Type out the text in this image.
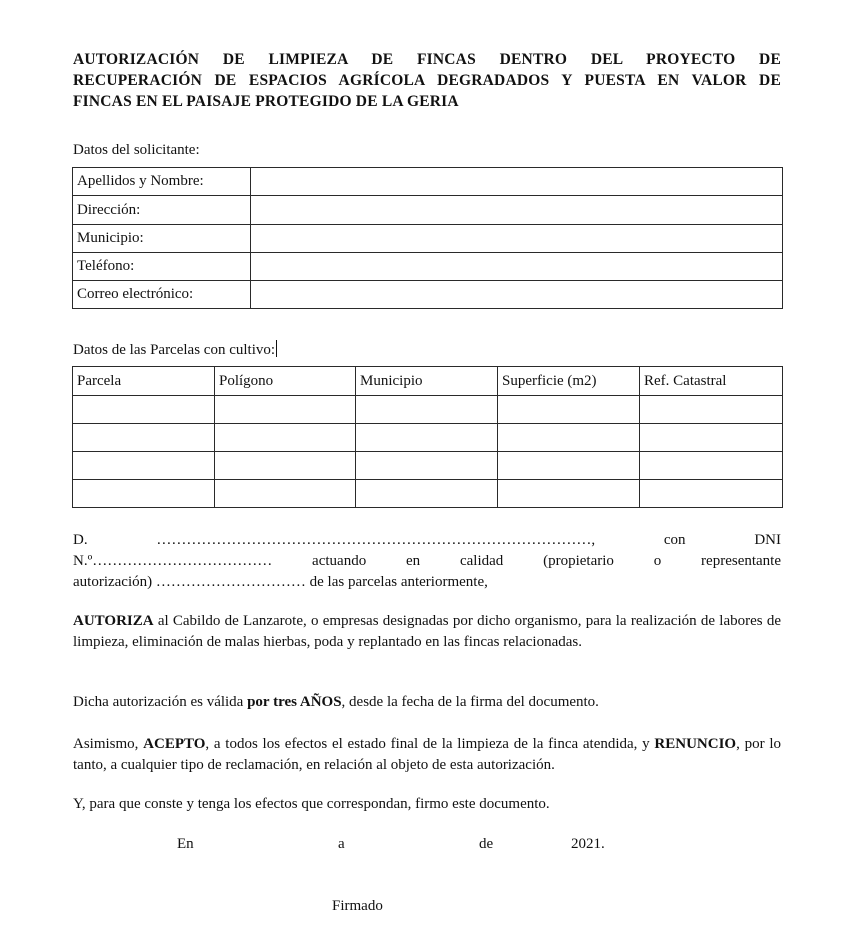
AUTORIZACIÓN DE LIMPIEZA DE FINCAS DENTRO DEL PROYECTO DE
RECUPERACIÓN DE ESPACIOS AGRÍCOLA DEGRADADOS Y PUESTA EN VALOR DE
FINCAS EN EL PAISAJE PROTEGIDO DE LA GERIA
Datos del solicitante:
Apellidos y Nombre:	
Dirección:	
Municipio:	
Teléfono:	
Correo electrónico:	
Datos de las Parcelas con cultivo:
Parcela	Polígono	Municipio	Superficie (m2)	Ref. Catastral

D.	……………………………………………………………………………,	con	DNI
N.º………………………………	actuando	en	calidad	(propietario	o	representante
autorización) ………………………… de las parcelas anteriormente,
AUTORIZA al Cabildo de Lanzarote, o empresas designadas por dicho organismo, para la realización de labores de limpieza, eliminación de malas hierbas, poda y replantado en las fincas relacionadas.
Dicha autorización es válida por tres AÑOS, desde la fecha de la firma del documento.
Asimismo, ACEPTO, a todos los efectos el estado final de la limpieza de la finca atendida, y RENUNCIO, por lo tanto, a cualquier tipo de reclamación, en relación al objeto de esta autorización.
Y, para que conste y tenga los efectos que correspondan, firmo este documento.
En	a	de	2021.
Firmado
